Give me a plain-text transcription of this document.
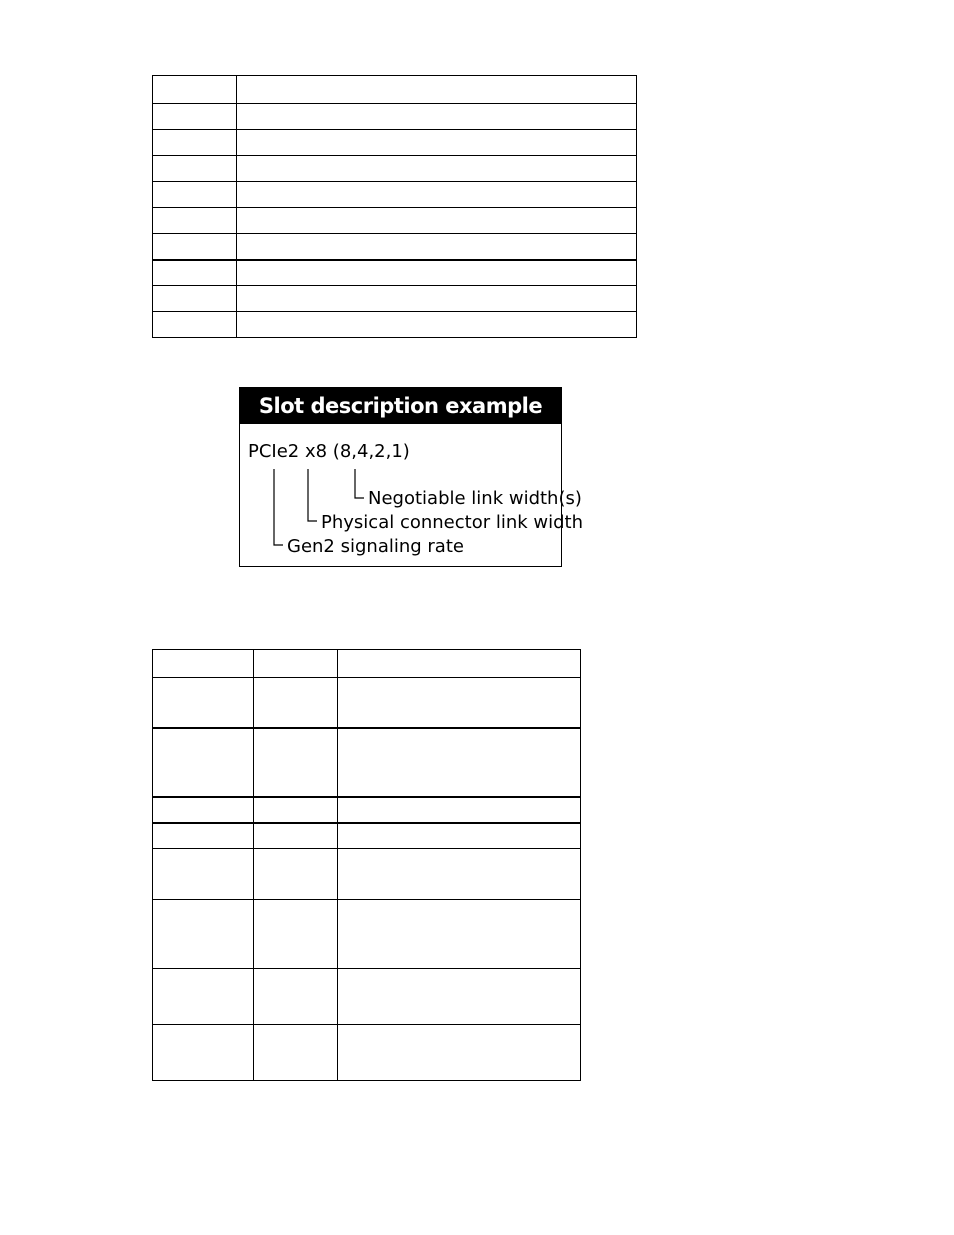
Slot description example
PCIe2 x8 (8,4,2,1)
Negotiable link width(s)
Physical connector link width
Gen2 signaling rate
